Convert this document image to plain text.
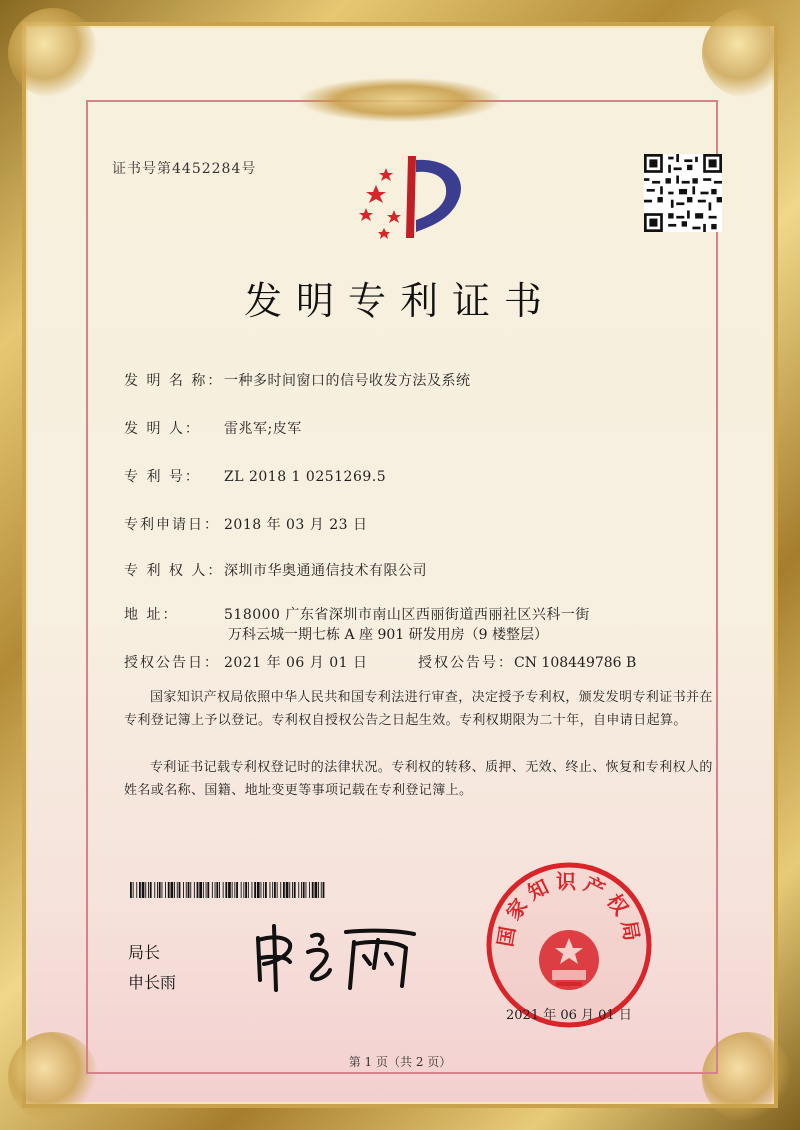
证书号第4452284号
发明专利证书
发 明 名 称：一种多时间窗口的信号收发方法及系统
发 明 人： 雷兆军;皮军
专 利 号： ZL 2018 1 0251269.5
专利申请日： 2018 年 03 月 23 日
专 利 权 人：深圳市华奥通通信技术有限公司
地 址：	518000 广东省深圳市南山区西丽街道西丽社区兴科一街
万科云城一期七栋 A 座 901 研发用房（9 楼整层）
授权公告日： 2021 年 06 月 01 日	授权公告号：CN 108449786 B
国家知识产权局依照中华人民共和国专利法进行审查，决定授予专利权，颁发发明专利证书并在专利登记簿上予以登记。专利权自授权公告之日起生效。专利权期限为二十年，自申请日起算。
专利证书记载专利权登记时的法律状况。专利权的转移、质押、无效、终止、恢复和专利权人的姓名或名称、国籍、地址变更等事项记载在专利登记簿上。
局长
申长雨
国家知识产权局
2021 年 06 月 01 日
第 1 页（共 2 页）
